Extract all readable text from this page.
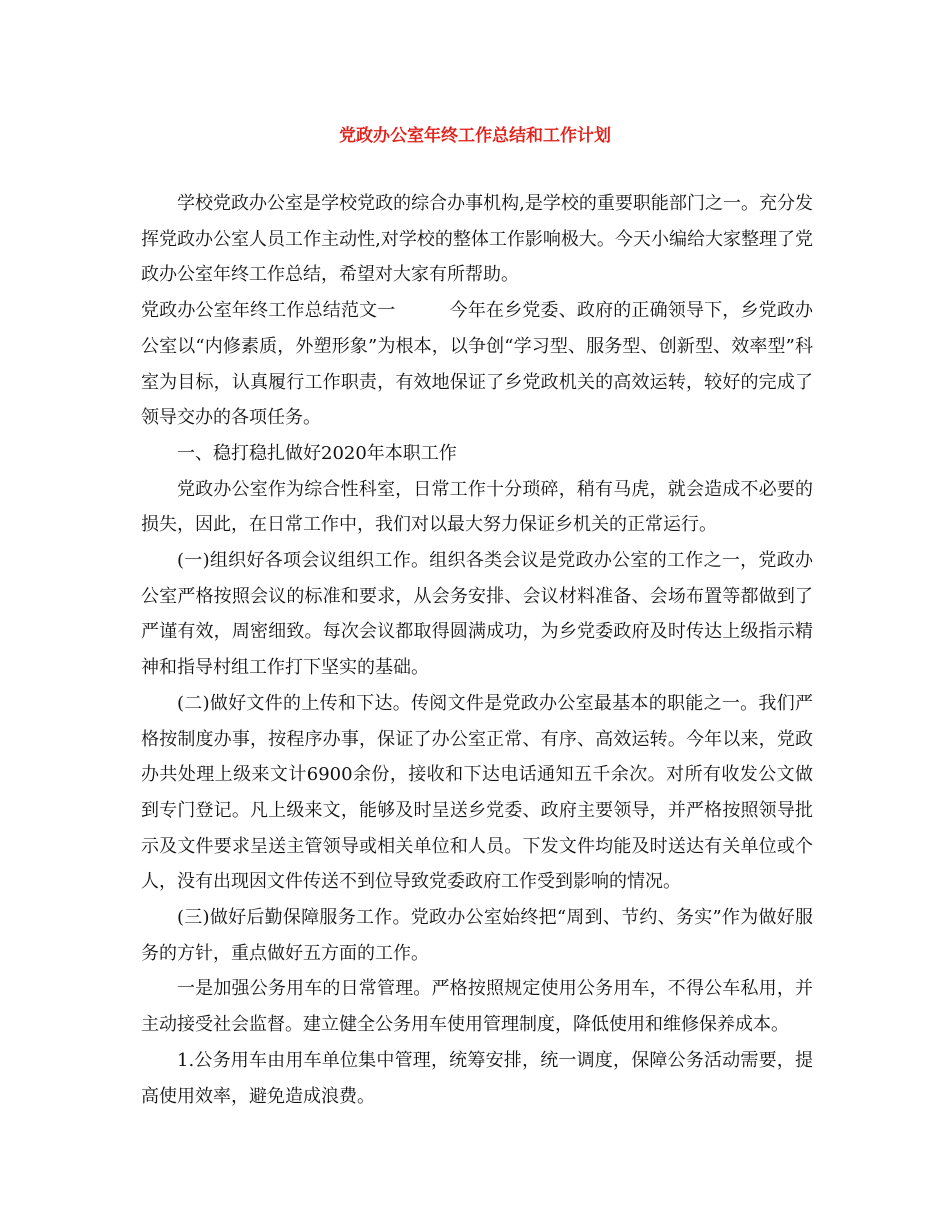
党政办公室年终工作总结和工作计划

学校党政办公室是学校党政的综合办事机构,是学校的重要职能部门之一。充分发挥党政办公室人员工作主动性,对学校的整体工作影响极大。今天小编给大家整理了党政办公室年终工作总结，希望对大家有所帮助。

党政办公室年终工作总结范文一	今年在乡党委、政府的正确领导下，乡党政办公室以“内修素质，外塑形象”为根本，以争创“学习型、服务型、创新型、效率型”科室为目标，认真履行工作职责，有效地保证了乡党政机关的高效运转，较好的完成了领导交办的各项任务。

一、稳打稳扎做好2020年本职工作

党政办公室作为综合性科室，日常工作十分琐碎，稍有马虎，就会造成不必要的损失，因此，在日常工作中，我们对以最大努力保证乡机关的正常运行。

(一)组织好各项会议组织工作。组织各类会议是党政办公室的工作之一，党政办公室严格按照会议的标准和要求，从会务安排、会议材料准备、会场布置等都做到了严谨有效，周密细致。每次会议都取得圆满成功，为乡党委政府及时传达上级指示精神和指导村组工作打下坚实的基础。

(二)做好文件的上传和下达。传阅文件是党政办公室最基本的职能之一。我们严格按制度办事，按程序办事，保证了办公室正常、有序、高效运转。今年以来，党政办共处理上级来文计6900余份，接收和下达电话通知五千余次。对所有收发公文做到专门登记。凡上级来文，能够及时呈送乡党委、政府主要领导，并严格按照领导批示及文件要求呈送主管领导或相关单位和人员。下发文件均能及时送达有关单位或个人，没有出现因文件传送不到位导致党委政府工作受到影响的情况。

(三)做好后勤保障服务工作。党政办公室始终把“周到、节约、务实”作为做好服务的方针，重点做好五方面的工作。

一是加强公务用车的日常管理。严格按照规定使用公务用车，不得公车私用，并主动接受社会监督。建立健全公务用车使用管理制度，降低使用和维修保养成本。

1.公务用车由用车单位集中管理，统筹安排，统一调度，保障公务活动需要，提高使用效率，避免造成浪费。
